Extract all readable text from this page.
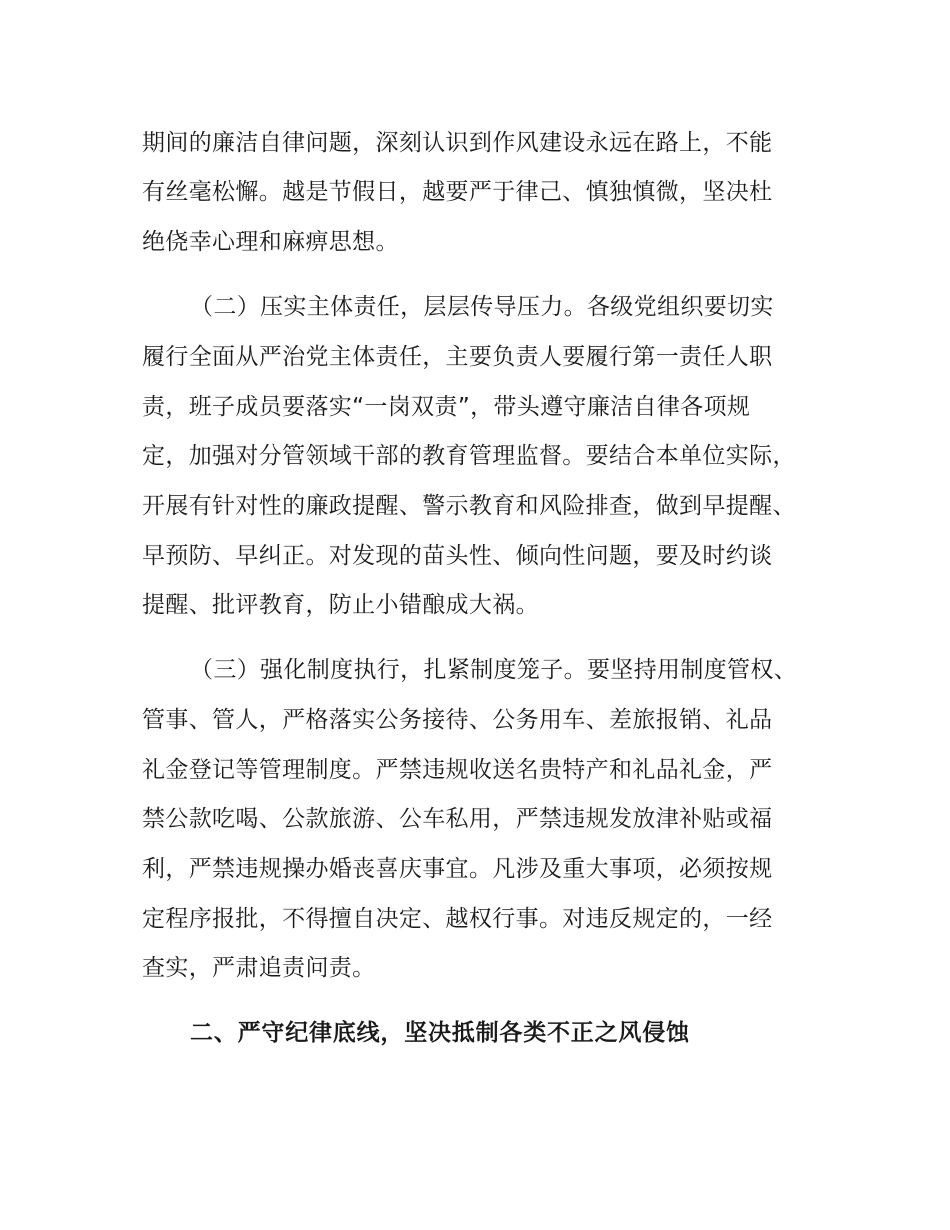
期间的廉洁自律问题，深刻认识到作风建设永远在路上，不能
有丝毫松懈。越是节假日，越要严于律己、慎独慎微，坚决杜
绝侥幸心理和麻痹思想。
（二）压实主体责任，层层传导压力。各级党组织要切实
履行全面从严治党主体责任，主要负责人要履行第一责任人职
责，班子成员要落实“一岗双责”，带头遵守廉洁自律各项规
定，加强对分管领域干部的教育管理监督。要结合本单位实际，
开展有针对性的廉政提醒、警示教育和风险排查，做到早提醒、
早预防、早纠正。对发现的苗头性、倾向性问题，要及时约谈
提醒、批评教育，防止小错酿成大祸。
（三）强化制度执行，扎紧制度笼子。要坚持用制度管权、
管事、管人，严格落实公务接待、公务用车、差旅报销、礼品
礼金登记等管理制度。严禁违规收送名贵特产和礼品礼金，严
禁公款吃喝、公款旅游、公车私用，严禁违规发放津补贴或福
利，严禁违规操办婚丧喜庆事宜。凡涉及重大事项，必须按规
定程序报批，不得擅自决定、越权行事。对违反规定的，一经
查实，严肃追责问责。
二、严守纪律底线，坚决抵制各类不正之风侵蚀
